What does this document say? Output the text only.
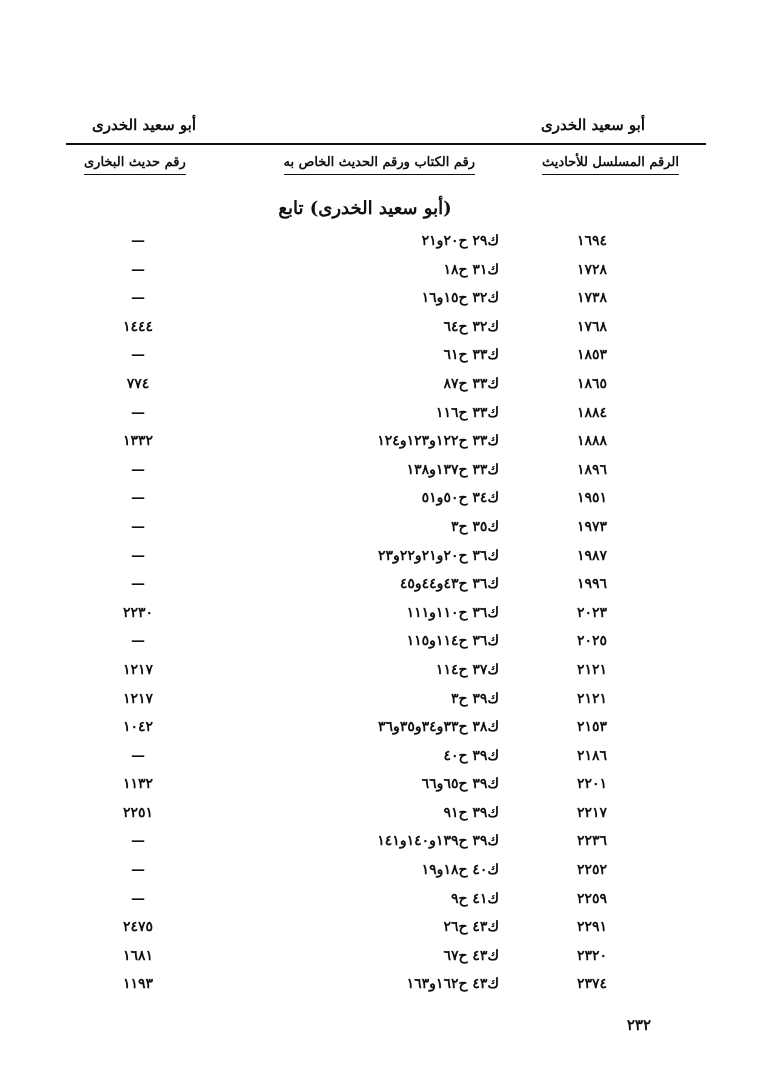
أبو سعيد الخدرى
أبو سعيد الخدرى
الرقم المسلسل للأحاديث
رقم الكتاب ورقم الحديث الخاص به
رقم حديث البخارى
(أبو سعيد الخدرى) تابع
١٦٩٤
ك٢٩ ح٢٠و٢١
—
١٧٢٨
ك٣١ ح١٨
—
١٧٣٨
ك٣٢ ح١٥و١٦
—
١٧٦٨
ك٣٢ ح٦٤
١٤٤٤
١٨٥٣
ك٣٣ ح٦١
—
١٨٦٥
ك٣٣ ح٨٧
٧٧٤
١٨٨٤
ك٣٣ ح١١٦
—
١٨٨٨
ك٣٣ ح١٢٢و١٢٣و١٢٤
١٣٣٢
١٨٩٦
ك٣٣ ح١٣٧و١٣٨
—
١٩٥١
ك٣٤ ح٥٠و٥١
—
١٩٧٣
ك٣٥ ح٣
—
١٩٨٧
ك٣٦ ح٢٠و٢١و٢٢و٢٣
—
١٩٩٦
ك٣٦ ح٤٣و٤٤و٤٥
—
٢٠٢٣
ك٣٦ ح١١٠و١١١
٢٢٣٠
٢٠٢٥
ك٣٦ ح١١٤و١١٥
—
٢١٢١
ك٣٧ ح١١٤
١٢١٧
٢١٢١
ك٣٩ ح٣
١٢١٧
٢١٥٣
ك٣٨ ح٣٣و٣٤و٣٥و٣٦
١٠٤٢
٢١٨٦
ك٣٩ ح٤٠
—
٢٢٠١
ك٣٩ ح٦٥و٦٦
١١٣٢
٢٢١٧
ك٣٩ ح٩١
٢٢٥١
٢٢٣٦
ك٣٩ ح١٣٩و١٤٠و١٤١
—
٢٢٥٢
ك٤٠ ح١٨و١٩
—
٢٢٥٩
ك٤١ ح٩
—
٢٢٩١
ك٤٣ ح٢٦
٢٤٧٥
٢٣٢٠
ك٤٣ ح٦٧
١٦٨١
٢٣٧٤
ك٤٣ ح١٦٢و١٦٣
١١٩٣
٢٣٢
